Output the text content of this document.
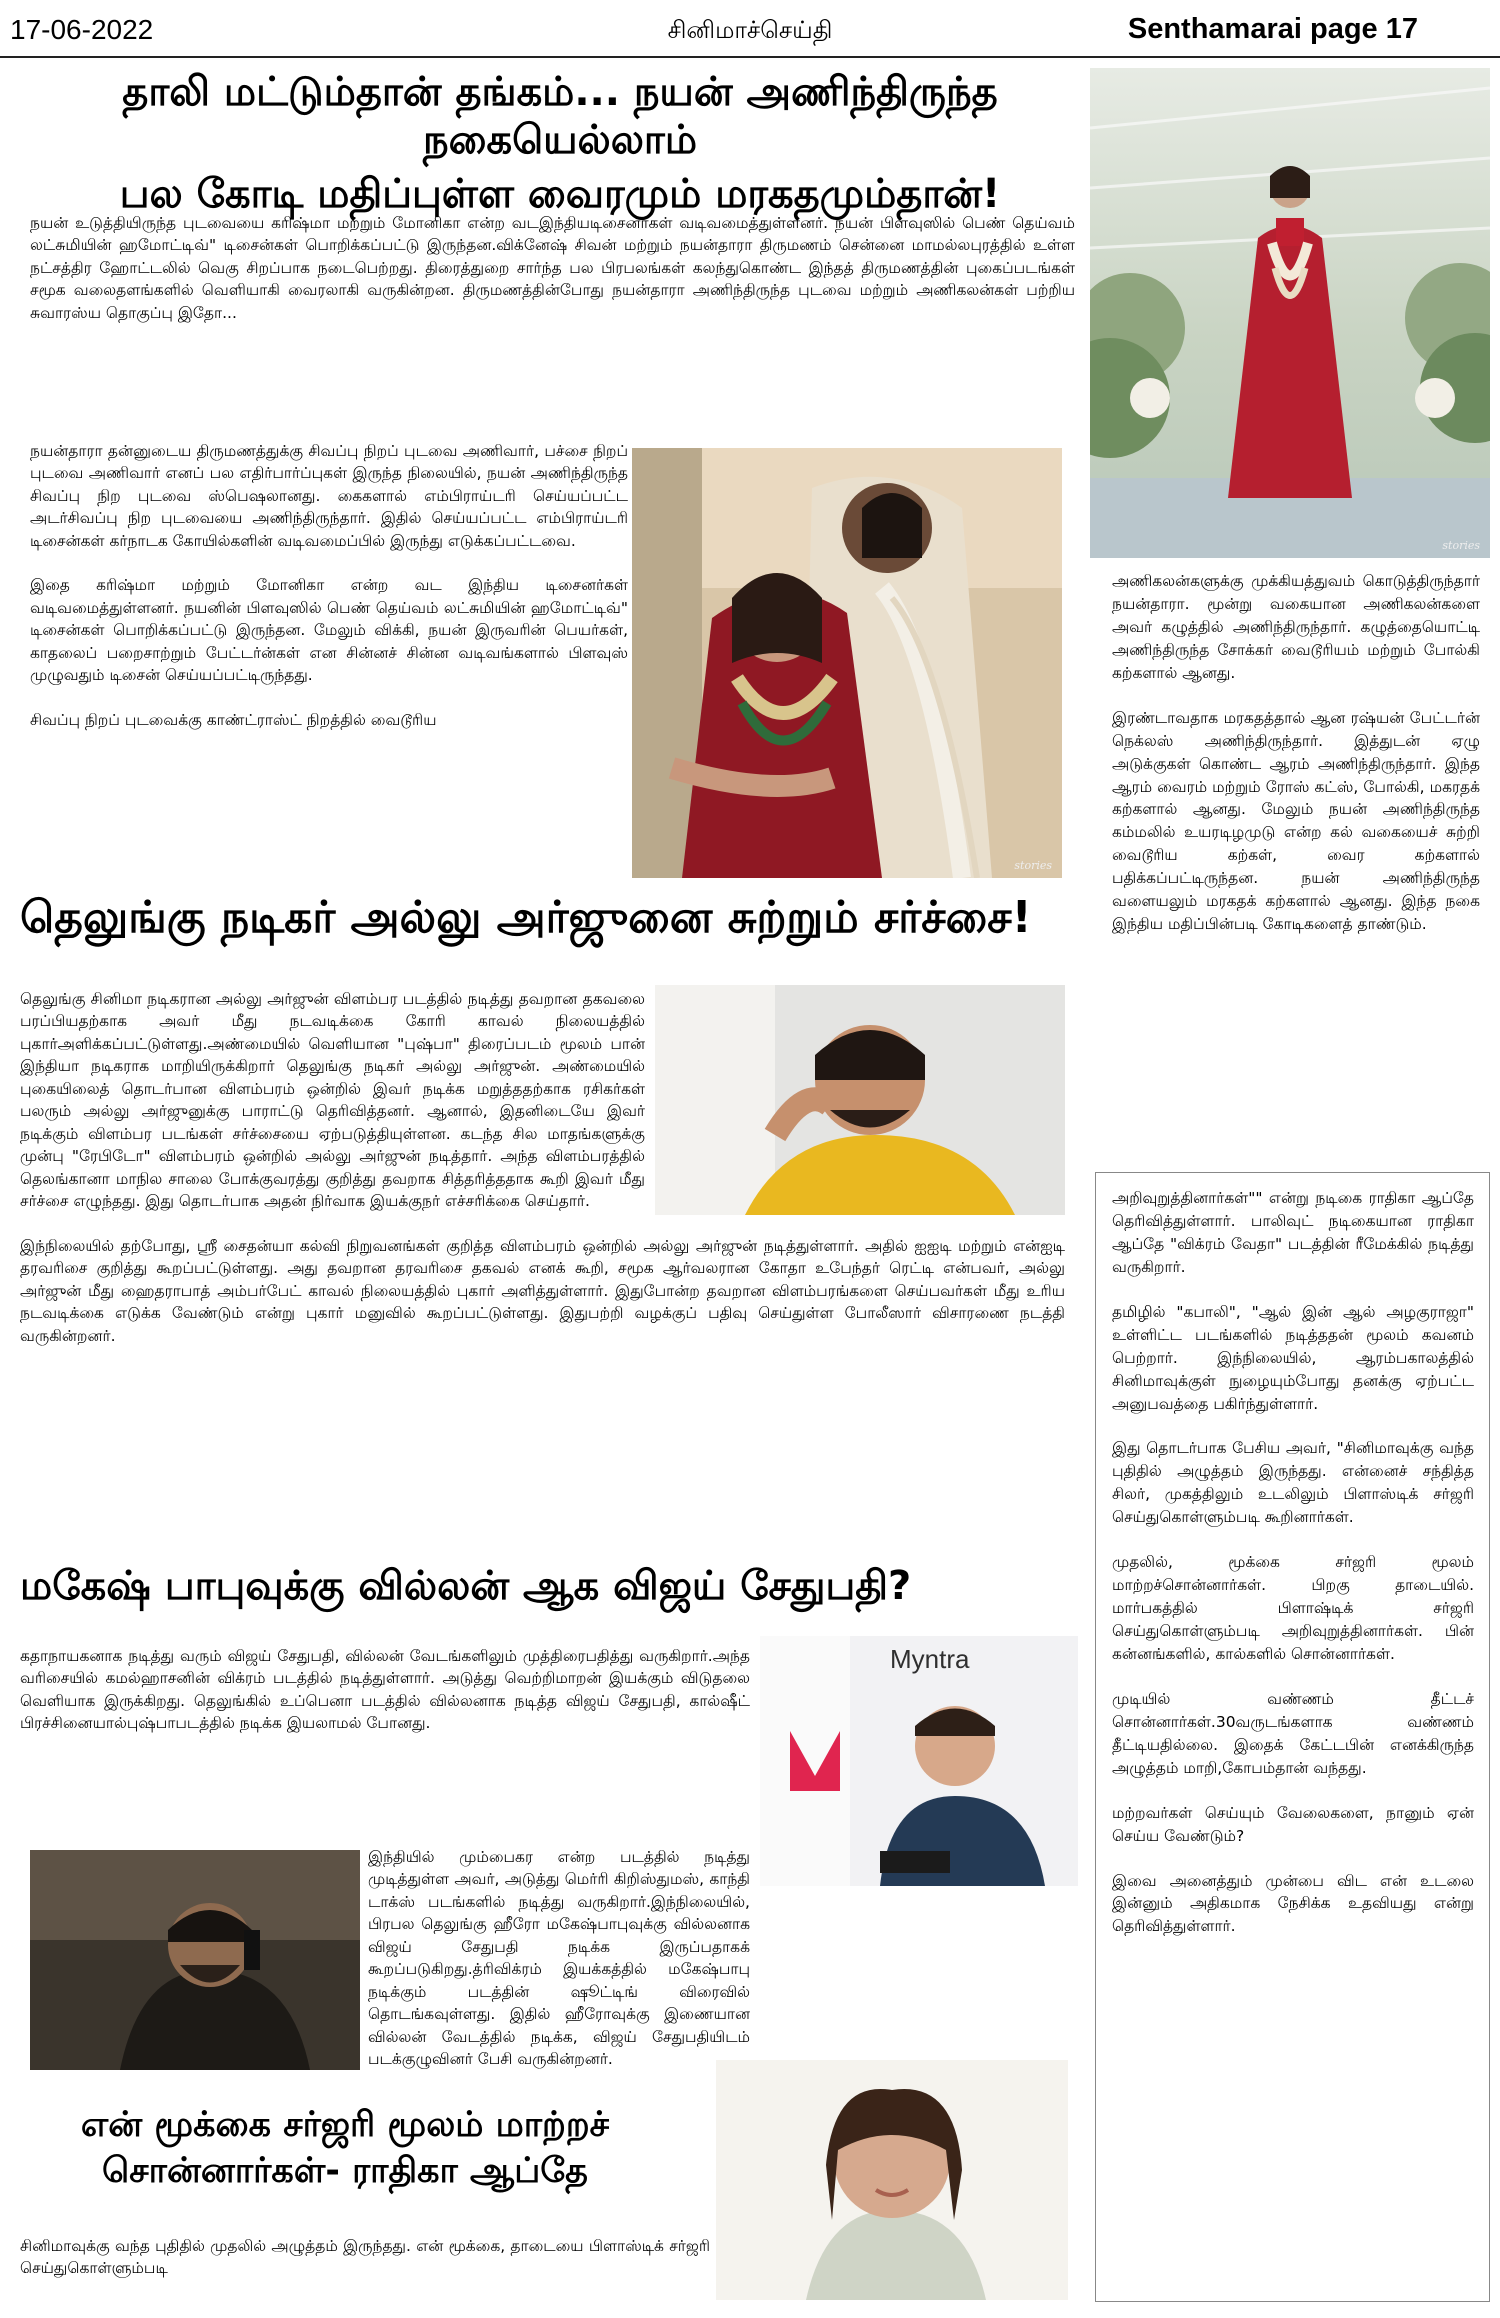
17-06-2022	சினிமாச்செய்தி	Senthamarai page 17
தாலி மட்டும்தான் தங்கம்... நயன் அணிந்திருந்த நகையெல்லாம்
பல கோடி மதிப்புள்ள வைரமும் மரகதமும்தான்!
stories

நயன் உடுத்தியிருந்த புடவையை கரிஷ்மா மற்றும் மோனிகா என்ற வடஇந்தியடிசைனர்கள் வடிவமைத்துள்ளனர். நயன் பிளவுஸில் பெண் தெய்வம் லட்சுமியின் ஹமோட்டிவ்" டிசைன்கள் பொறிக்கப்பட்டு இருந்தன.விக்னேஷ் சிவன் மற்றும் நயன்தாரா திருமணம் சென்னை மாமல்லபுரத்தில் உள்ள நட்சத்திர ஹோட்டலில் வெகு சிறப்பாக நடைபெற்றது. திரைத்துறை சார்ந்த பல பிரபலங்கள் கலந்துகொண்ட இந்தத் திருமணத்தின் புகைப்படங்கள் சமூக வலைதளங்களில் வெளியாகி வைரலாகி வருகின்றன. திருமணத்தின்போது நயன்தாரா அணிந்திருந்த புடவை மற்றும் அணிகலன்கள் பற்றிய சுவாரஸ்ய தொகுப்பு இதோ...

நயன்தாரா தன்னுடைய திருமணத்துக்கு சிவப்பு நிறப் புடவை அணிவார், பச்சை நிறப் புடவை அணிவார் எனப் பல எதிர்பார்ப்புகள் இருந்த நிலையில், நயன் அணிந்திருந்த சிவப்பு நிற புடவை ஸ்பெஷலானது. கைகளால் எம்பிராய்டரி செய்யப்பட்ட அடர்சிவப்பு நிற புடவையை அணிந்திருந்தார். இதில் செய்யப்பட்ட எம்பிராய்டரி டிசைன்கள் கர்நாடக கோயில்களின் வடிவமைப்பில் இருந்து எடுக்கப்பட்டவை.

இதை கரிஷ்மா மற்றும் மோனிகா என்ற வட இந்திய டிசைனர்கள் வடிவமைத்துள்ளனர். நயனின் பிளவுஸில் பெண் தெய்வம் லட்சுமியின் ஹமோட்டிவ்" டிசைன்கள் பொறிக்கப்பட்டு இருந்தன. மேலும் விக்கி, நயன் இருவரின் பெயர்கள், காதலைப் பறைசாற்றும் பேட்டர்ன்கள் என சின்னச் சின்ன வடிவங்களால் பிளவுஸ் முழுவதும் டிசைன் செய்யப்பட்டிருந்தது.

சிவப்பு நிறப் புடவைக்கு காண்ட்ராஸ்ட் நிறத்தில் வைடூரிய

stories

அணிகலன்களுக்கு முக்கியத்துவம் கொடுத்திருந்தார் நயன்தாரா. மூன்று வகையான அணிகலன்களை அவர் கழுத்தில் அணிந்திருந்தார். கழுத்தையொட்டி அணிந்திருந்த சோக்கர் வைடூரியம் மற்றும் போல்கி கற்களால் ஆனது.

இரண்டாவதாக மரகதத்தால் ஆன ரஷ்யன் பேட்டர்ன் நெக்லஸ் அணிந்திருந்தார். இத்துடன் ஏழு அடுக்குகள் கொண்ட ஆரம் அணிந்திருந்தார். இந்த ஆரம் வைரம் மற்றும் ரோஸ் கட்ஸ், போல்கி, மகரதக் கற்களால் ஆனது. மேலும் நயன் அணிந்திருந்த கம்மலில் உயரடிழமுடு என்ற கல் வகையைச் சுற்றி வைடூரிய கற்கள், வைர கற்களால் பதிக்கப்பட்டிருந்தன. நயன் அணிந்திருந்த வளையலும் மரகதக் கற்களால் ஆனது. இந்த நகை இந்திய மதிப்பின்படி கோடிகளைத் தாண்டும்.

தெலுங்கு நடிகர் அல்லு அர்ஜுனை சுற்றும் சர்ச்சை!

தெலுங்கு சினிமா நடிகரான அல்லு அர்ஜுன் விளம்பர படத்தில் நடித்து தவறான தகவலை பரப்பியதற்காக அவர் மீது நடவடிக்கை கோரி காவல் நிலையத்தில் புகார்அளிக்கப்பட்டுள்ளது.அண்மையில் வெளியான "புஷ்பா" திரைப்படம் மூலம் பான் இந்தியா நடிகராக மாறியிருக்கிறார் தெலுங்கு நடிகர் அல்லு அர்ஜுன். அண்மையில் புகையிலைத் தொடர்பான விளம்பரம் ஒன்றில் இவர் நடிக்க மறுத்ததற்காக ரசிகர்கள் பலரும் அல்லு அர்ஜுனுக்கு பாராட்டு தெரிவித்தனர். ஆனால், இதனிடையே இவர் நடிக்கும் விளம்பர படங்கள் சர்ச்சையை ஏற்படுத்தியுள்ளன. கடந்த சில மாதங்களுக்கு முன்பு "ரேபிடோ" விளம்பரம் ஒன்றில் அல்லு அர்ஜுன் நடித்தார். அந்த விளம்பரத்தில் தெலங்கானா மாநில சாலை போக்குவரத்து குறித்து தவறாக சித்தரித்ததாக கூறி இவர் மீது சர்ச்சை எழுந்தது. இது தொடர்பாக அதன் நிர்வாக இயக்குநர் எச்சரிக்கை செய்தார்.

இந்நிலையில் தற்போது, ஸ்ரீ சைதன்யா கல்வி நிறுவனங்கள் குறித்த விளம்பரம் ஒன்றில் அல்லு அர்ஜுன் நடித்துள்ளார். அதில் ஐஐடி மற்றும் என்ஐடி தரவரிசை குறித்து கூறப்பட்டுள்ளது. அது தவறான தரவரிசை தகவல் எனக் கூறி, சமூக ஆர்வலரான கோதா உபேந்தர் ரெட்டி என்பவர், அல்லு அர்ஜுன் மீது ஹைதராபாத் அம்பர்பேட் காவல் நிலையத்தில் புகார் அளித்துள்ளார். இதுபோன்ற தவறான விளம்பரங்களை செய்பவர்கள் மீது உரிய நடவடிக்கை எடுக்க வேண்டும் என்று புகார் மனுவில் கூறப்பட்டுள்ளது. இதுபற்றி வழக்குப் பதிவு செய்துள்ள போலீஸார் விசாரணை நடத்தி வருகின்றனர்.

மகேஷ் பாபுவுக்கு வில்லன் ஆக விஜய் சேதுபதி?
Myntra

கதாநாயகனாக நடித்து வரும் விஜய் சேதுபதி, வில்லன் வேடங்களிலும் முத்திரைபதித்து வருகிறார்.அந்த வரிசையில் கமல்ஹாசனின் விக்ரம் படத்தில் நடித்துள்ளார். அடுத்து வெற்றிமாறன் இயக்கும் விடுதலை வெளியாக இருக்கிறது. தெலுங்கில் உப்பெனா படத்தில் வில்லனாக நடித்த விஜய் சேதுபதி, கால்ஷீட் பிரச்சினையால்புஷ்பாபடத்தில் நடிக்க இயலாமல் போனது.

இந்தியில் மும்பைகர என்ற படத்தில் நடித்து முடித்துள்ள அவர், அடுத்து மெர்ரி கிறிஸ்துமஸ், காந்தி டாக்ஸ் படங்களில் நடித்து வருகிறார்.இந்நிலையில், பிரபல தெலுங்கு ஹீரோ மகேஷ்பாபுவுக்கு வில்லனாக விஜய் சேதுபதி நடிக்க இருப்பதாகக் கூறப்படுகிறது.த்ரிவிக்ரம் இயக்கத்தில் மகேஷ்பாபு நடிக்கும் படத்தின் ஷூட்டிங் விரைவில் தொடங்கவுள்ளது. இதில் ஹீரோவுக்கு இணையான வில்லன் வேடத்தில் நடிக்க, விஜய் சேதுபதியிடம் படக்குழுவினர் பேசி வருகின்றனர்.

என் மூக்கை சர்ஜரி மூலம் மாற்றச்
சொன்னார்கள்- ராதிகா ஆப்தே

சினிமாவுக்கு வந்த புதிதில் முதலில் அழுத்தம் இருந்தது. என் மூக்கை, தாடையை பிளாஸ்டிக் சர்ஜரி செய்துகொள்ளும்படி

அறிவுறுத்தினார்கள்"" என்று நடிகை ராதிகா ஆப்தே தெரிவித்துள்ளார். பாலிவுட் நடிகையான ராதிகா ஆப்தே "விக்ரம் வேதா" படத்தின் ரீமேக்கில் நடித்து வருகிறார்.

தமிழில் "கபாலி", "ஆல் இன் ஆல் அழகுராஜா" உள்ளிட்ட படங்களில் நடித்ததன் மூலம் கவனம் பெற்றார். இந்நிலையில், ஆரம்பகாலத்தில் சினிமாவுக்குள் நுழையும்போது தனக்கு ஏற்பட்ட அனுபவத்தை பகிர்ந்துள்ளார்.

இது தொடர்பாக பேசிய அவர், "சினிமாவுக்கு வந்த புதிதில் அழுத்தம் இருந்தது. என்னைச் சந்தித்த சிலர், முகத்திலும் உடலிலும் பிளாஸ்டிக் சர்ஜரி செய்துகொள்ளும்படி கூறினார்கள்.

முதலில், மூக்கை சர்ஜரி மூலம் மாற்றச்சொன்னார்கள். பிறகு தாடையில். மார்பகத்தில் பிளாஷ்டிக் சர்ஜரி செய்துகொள்ளும்படி அறிவுறுத்தினார்கள். பின் கன்னங்களில், கால்களில் சொன்னார்கள்.

முடியில் வண்ணம் தீட்டச் சொன்னார்கள்.30வருடங்களாக வண்ணம் தீட்டியதில்லை. இதைக் கேட்டபின் எனக்கிருந்த அழுத்தம் மாறி,கோபம்தான் வந்தது.

மற்றவர்கள் செய்யும் வேலைகளை, நானும் ஏன் செய்ய வேண்டும்?

இவை அனைத்தும் முன்பை விட என் உடலை இன்னும் அதிகமாக நேசிக்க உதவியது என்று தெரிவித்துள்ளார்.
